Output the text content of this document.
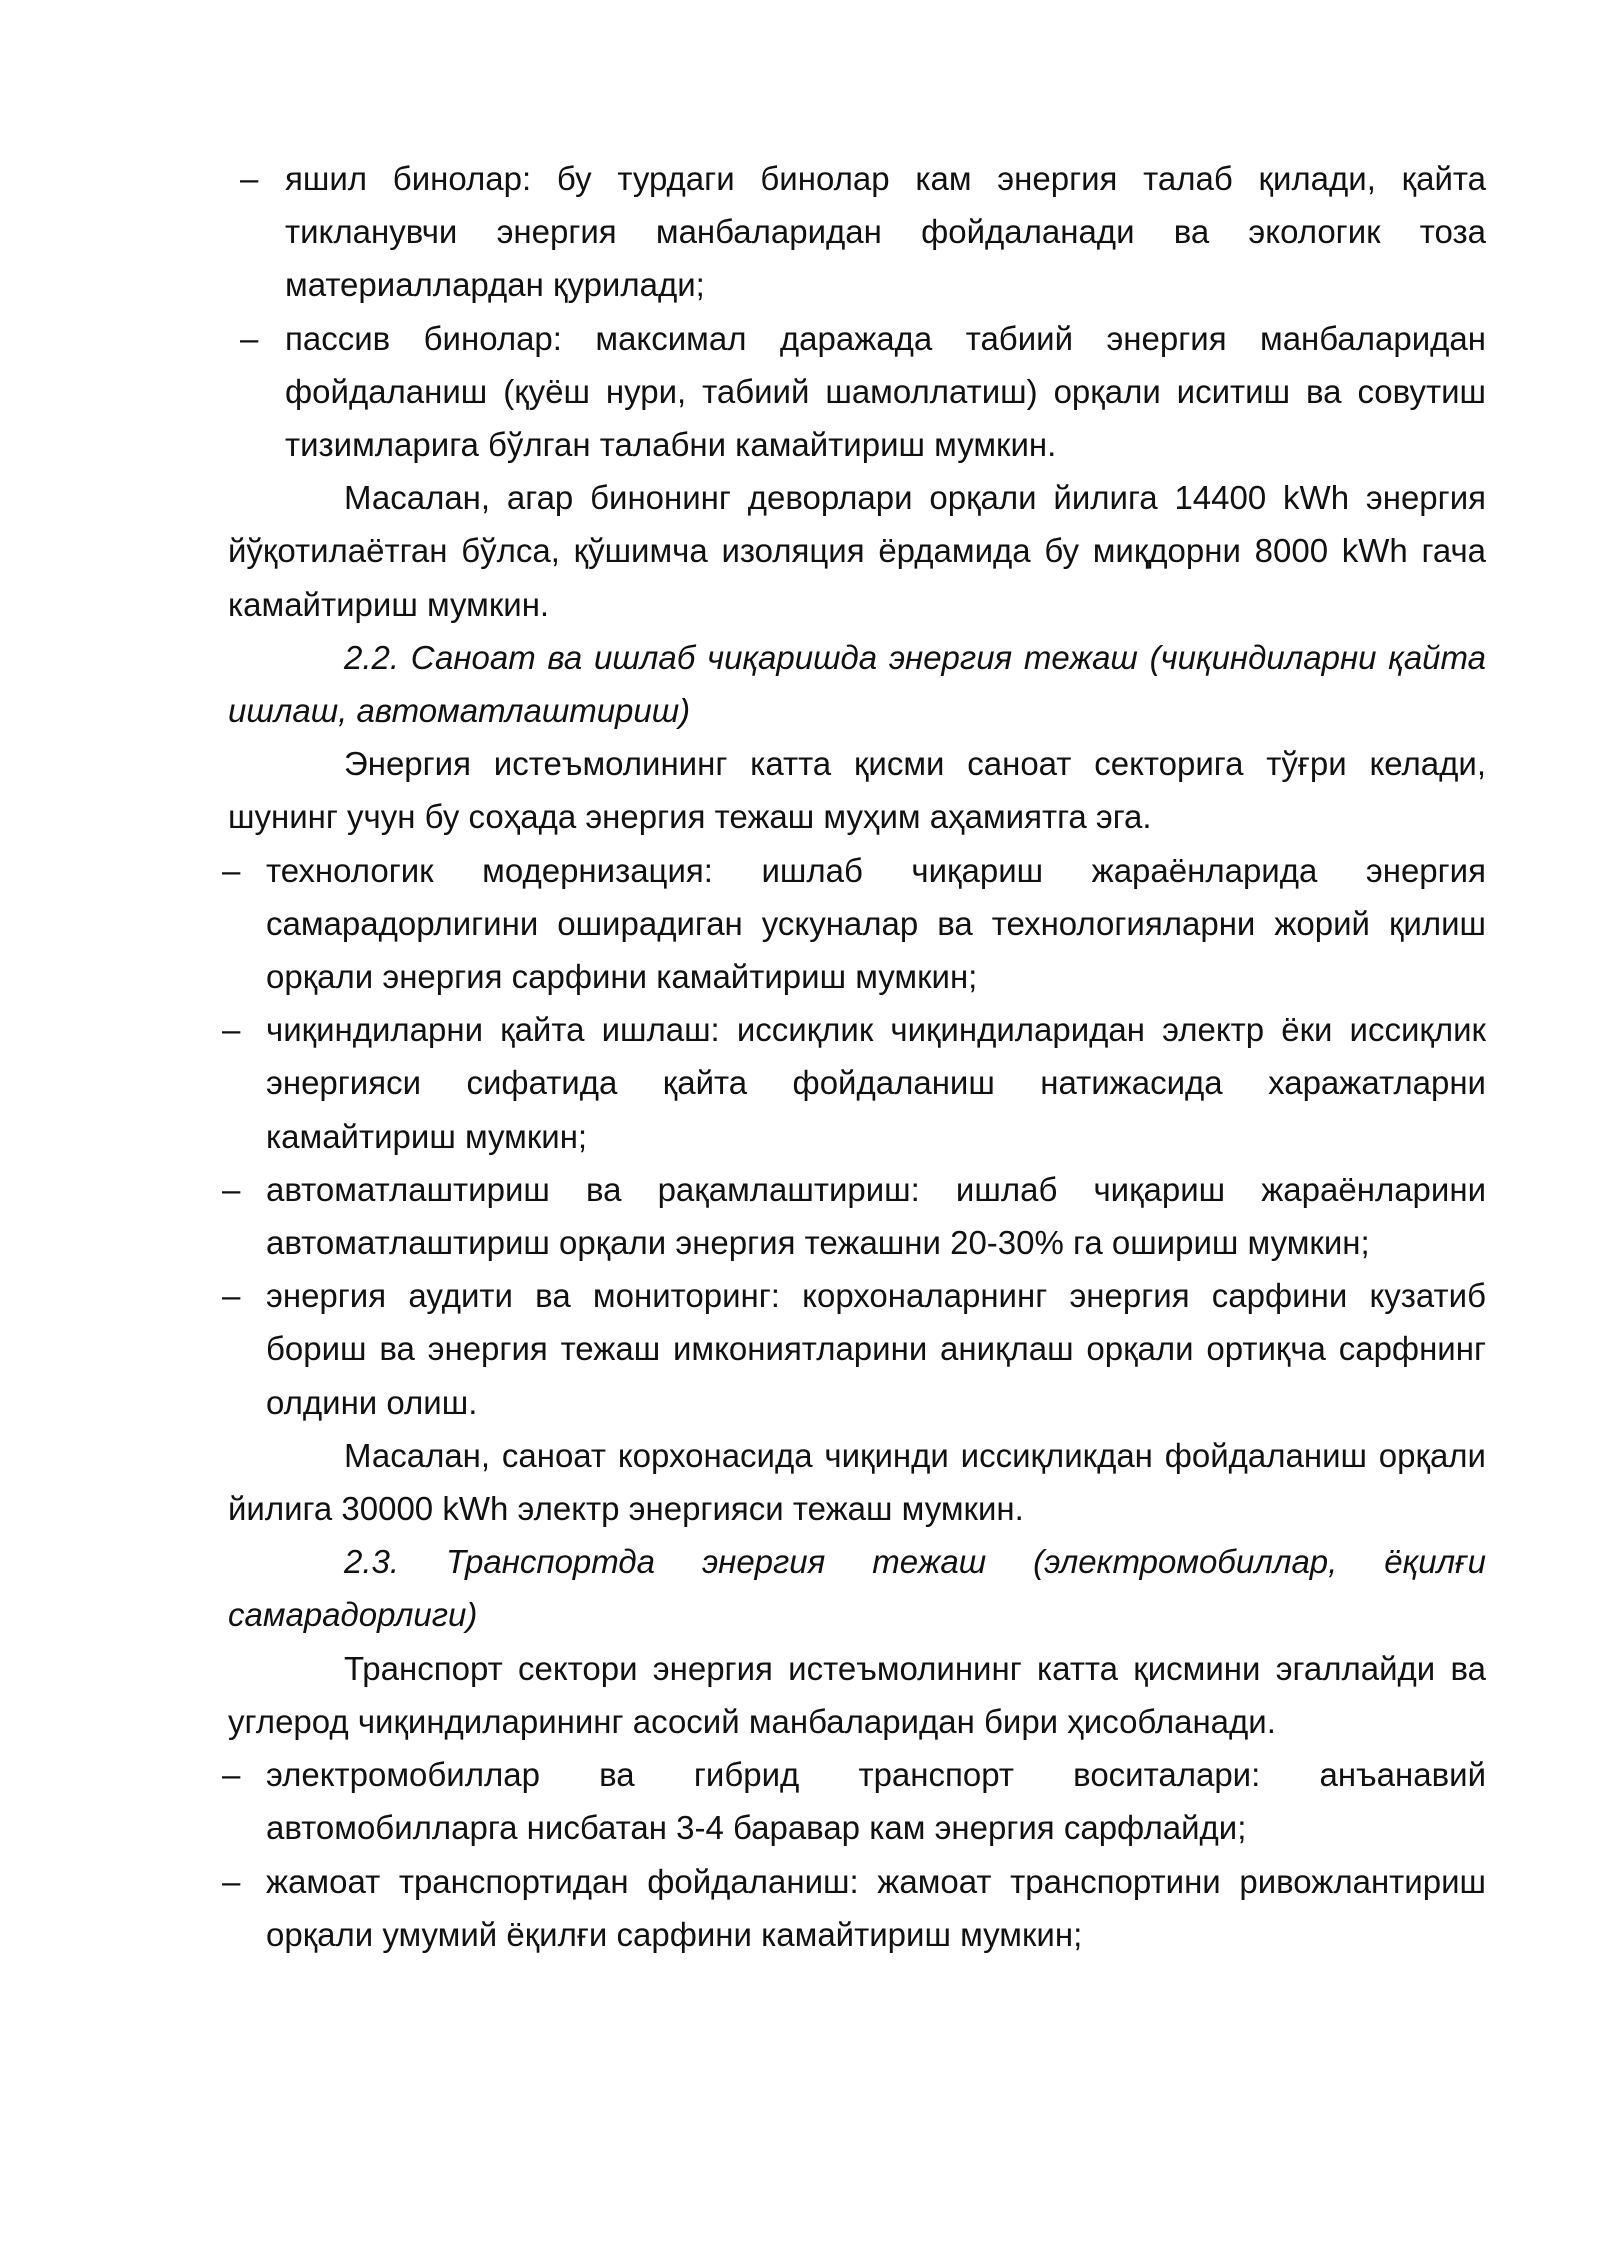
– яшил бинолар: бу турдаги бинолар кам энергия талаб қилади, қайта тикланувчи энергия манбаларидан фойдаланади ва экологик тоза материаллардан қурилади;
– пассив бинолар: максимал даражада табиий энергия манбаларидан фойдаланиш (қуёш нури, табиий шамоллатиш) орқали иситиш ва совутиш тизимларига бўлган талабни камайтириш мумкин.

Масалан, агар бинонинг деворлари орқали йилига 14400 kWh энергия йўқотилаётган бўлса, қўшимча изоляция ёрдамида бу миқдорни 8000 kWh гача камайтириш мумкин.

2.2. Саноат ва ишлаб чиқаришда энергия тежаш (чиқиндиларни қайта ишлаш, автоматлаштириш)

Энергия истеъмолининг катта қисми саноат секторига тўғри келади, шунинг учун бу соҳада энергия тежаш муҳим аҳамиятга эга.

– технологик модернизация: ишлаб чиқариш жараёнларида энергия самарадорлигини оширадиган ускуналар ва технологияларни жорий қилиш орқали энергия сарфини камайтириш мумкин;
– чиқиндиларни қайта ишлаш: иссиқлик чиқиндиларидан электр ёки иссиқлик энергияси сифатида қайта фойдаланиш натижасида харажатларни камайтириш мумкин;
– автоматлаштириш ва рақамлаштириш: ишлаб чиқариш жараёнларини автоматлаштириш орқали энергия тежашни 20-30% га ошириш мумкин;
– энергия аудити ва мониторинг: корхоналарнинг энергия сарфини кузатиб бориш ва энергия тежаш имкониятларини аниқлаш орқали ортиқча сарфнинг олдини олиш.

Масалан, саноат корхонасида чиқинди иссиқликдан фойдаланиш орқали йилига 30000 kWh электр энергияси тежаш мумкин.

2.3. Транспортда энергия тежаш (электромобиллар, ёқилғи самарадорлиги)

Транспорт сектори энергия истеъмолининг катта қисмини эгаллайди ва углерод чиқиндиларининг асосий манбаларидан бири ҳисобланади.

– электромобиллар ва гибрид транспорт воситалари: анъанавий автомобилларга нисбатан 3-4 баравар кам энергия сарфлайди;
– жамоат транспортидан фойдаланиш: жамоат транспортини ривожлантириш орқали умумий ёқилғи сарфини камайтириш мумкин;
